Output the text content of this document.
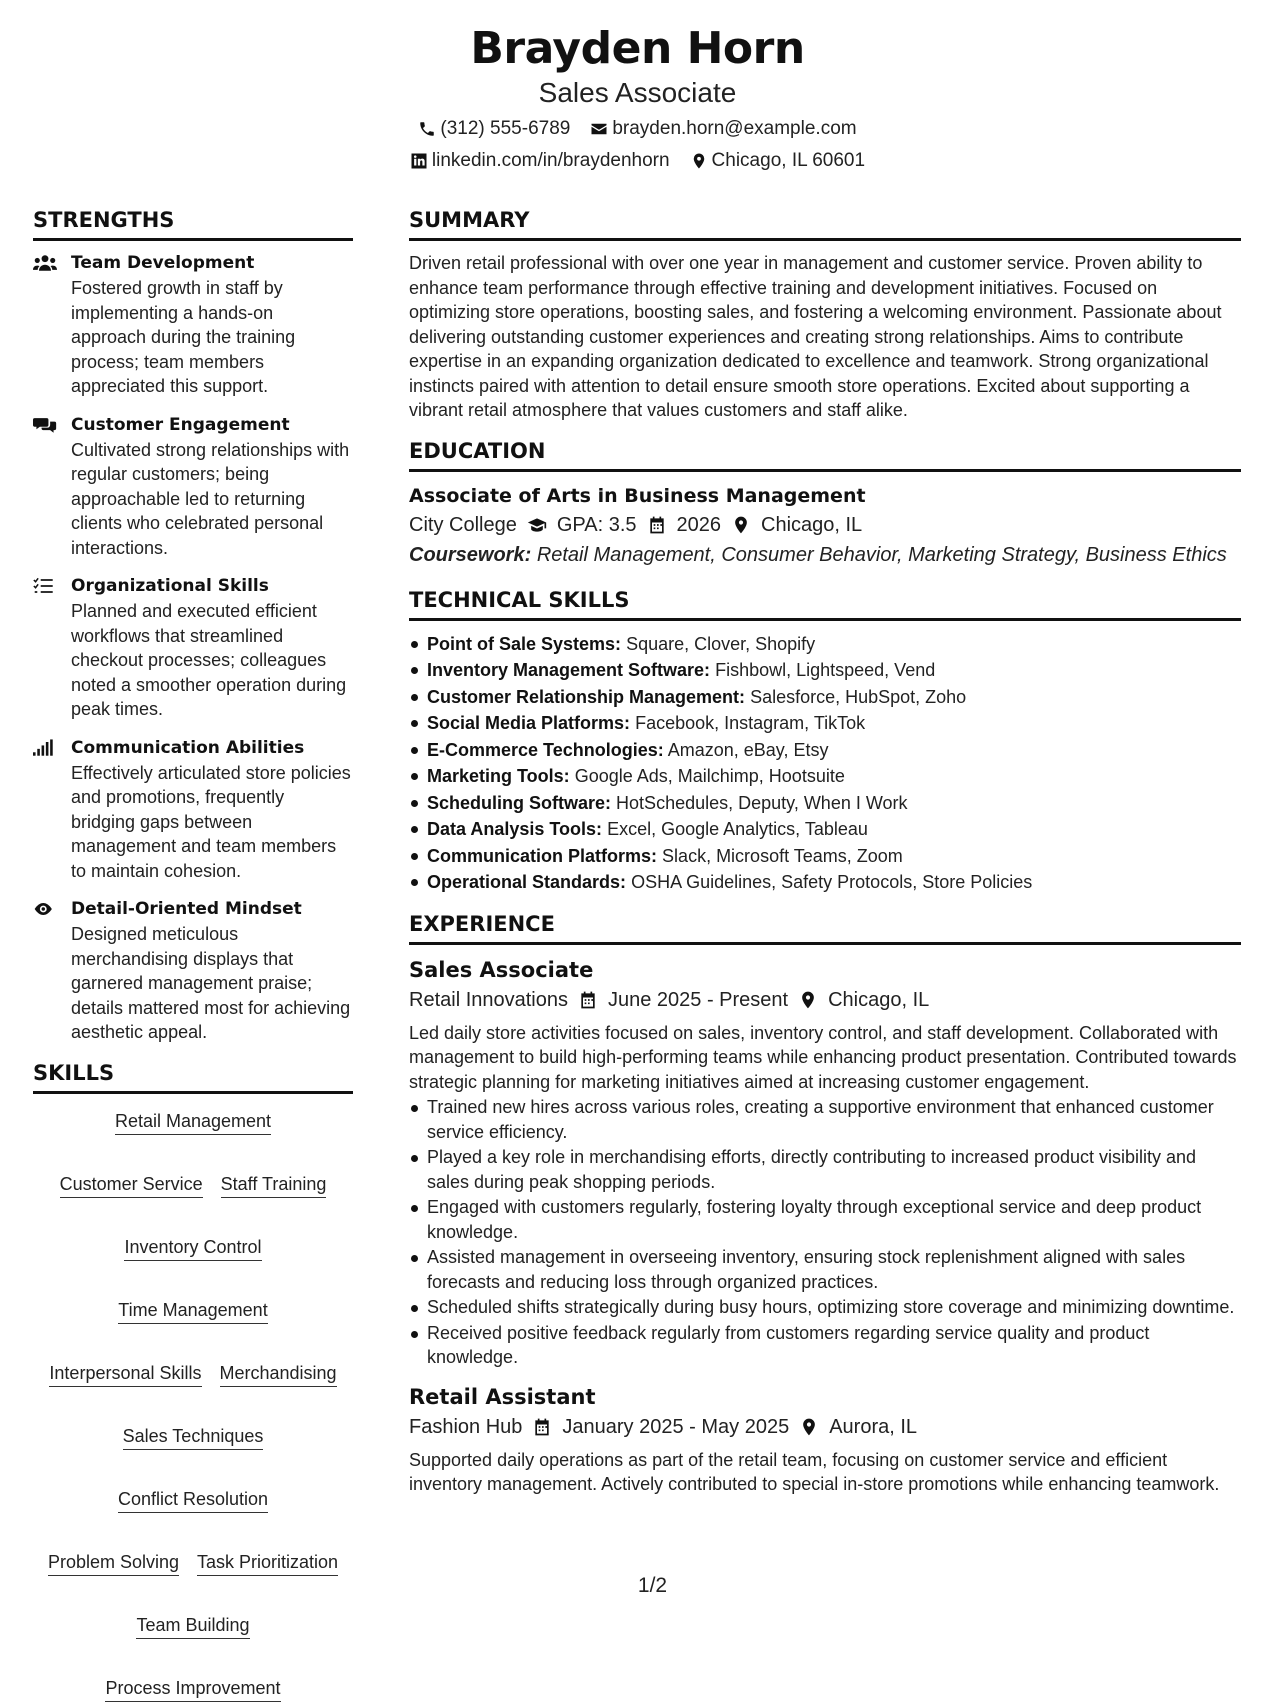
Brayden Horn
Sales Associate
(312) 555-6789 brayden.horn@example.com
linkedin.com/in/braydenhorn Chicago, IL 60601
STRENGTHS
Team Development
Fostered growth in staff by implementing a hands-on approach during the training process; team members appreciated this support.
Customer Engagement
Cultivated strong relationships with regular customers; being approachable led to returning clients who celebrated personal interactions.
Organizational Skills
Planned and executed efficient workflows that streamlined checkout processes; colleagues noted a smoother operation during peak times.
Communication Abilities
Effectively articulated store policies and promotions, frequently bridging gaps between management and team members to maintain cohesion.
Detail-Oriented Mindset
Designed meticulous merchandising displays that garnered management praise; details mattered most for achieving aesthetic appeal.
SKILLS
Retail Management
Customer Service Staff Training
Inventory Control
Time Management
Interpersonal Skills Merchandising
Sales Techniques
Conflict Resolution
Problem Solving Task Prioritization
Team Building
Process Improvement
SUMMARY
Driven retail professional with over one year in management and customer service. Proven ability to enhance team performance through effective training and development initiatives. Focused on optimizing store operations, boosting sales, and fostering a welcoming environment. Passionate about delivering outstanding customer experiences and creating strong relationships. Aims to contribute expertise in an expanding organization dedicated to excellence and teamwork. Strong organizational instincts paired with attention to detail ensure smooth store operations. Excited about supporting a vibrant retail atmosphere that values customers and staff alike.
EDUCATION
Associate of Arts in Business Management
City College GPA: 3.5 2026 Chicago, IL
Coursework: Retail Management, Consumer Behavior, Marketing Strategy, Business Ethics
TECHNICAL SKILLS
Point of Sale Systems: Square, Clover, Shopify
Inventory Management Software: Fishbowl, Lightspeed, Vend
Customer Relationship Management: Salesforce, HubSpot, Zoho
Social Media Platforms: Facebook, Instagram, TikTok
E-Commerce Technologies: Amazon, eBay, Etsy
Marketing Tools: Google Ads, Mailchimp, Hootsuite
Scheduling Software: HotSchedules, Deputy, When I Work
Data Analysis Tools: Excel, Google Analytics, Tableau
Communication Platforms: Slack, Microsoft Teams, Zoom
Operational Standards: OSHA Guidelines, Safety Protocols, Store Policies
EXPERIENCE
Sales Associate
Retail Innovations June 2025 - Present Chicago, IL
Led daily store activities focused on sales, inventory control, and staff development. Collaborated with management to build high-performing teams while enhancing product presentation. Contributed towards strategic planning for marketing initiatives aimed at increasing customer engagement.
Trained new hires across various roles, creating a supportive environment that enhanced customer service efficiency.
Played a key role in merchandising efforts, directly contributing to increased product visibility and sales during peak shopping periods.
Engaged with customers regularly, fostering loyalty through exceptional service and deep product knowledge.
Assisted management in overseeing inventory, ensuring stock replenishment aligned with sales forecasts and reducing loss through organized practices.
Scheduled shifts strategically during busy hours, optimizing store coverage and minimizing downtime.
Received positive feedback regularly from customers regarding service quality and product knowledge.
Retail Assistant
Fashion Hub January 2025 - May 2025 Aurora, IL
Supported daily operations as part of the retail team, focusing on customer service and efficient inventory management. Actively contributed to special in-store promotions while enhancing teamwork.
1/2
